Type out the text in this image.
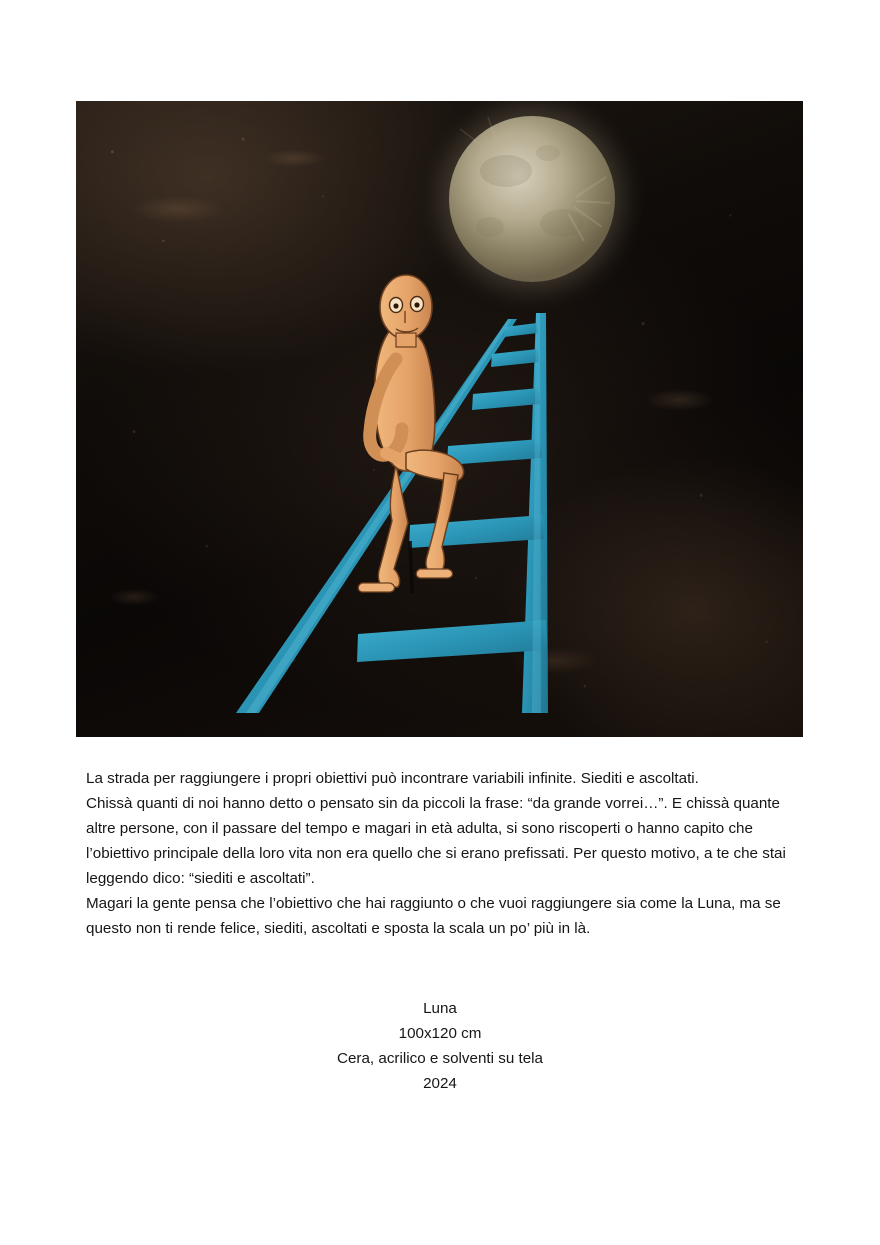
La strada per raggiungere i propri obiettivi può incontrare variabili infinite. Siediti e ascoltati.

Chissà quanti di noi hanno detto o pensato sin da piccoli la frase: “da grande vorrei…”. E chissà quante altre persone, con il passare del tempo e magari in età adulta, si sono riscoperti o hanno capito che l’obiettivo principale della loro vita non era quello che si erano prefissati. Per questo motivo, a te che stai leggendo dico: “siediti e ascoltati”.

Magari la gente pensa che l’obiettivo che hai raggiunto o che vuoi raggiungere sia come la Luna, ma se questo non ti rende felice, siediti, ascoltati e sposta la scala un po’ più in là.

Luna
100x120 cm
Cera, acrilico e solventi su tela
2024
